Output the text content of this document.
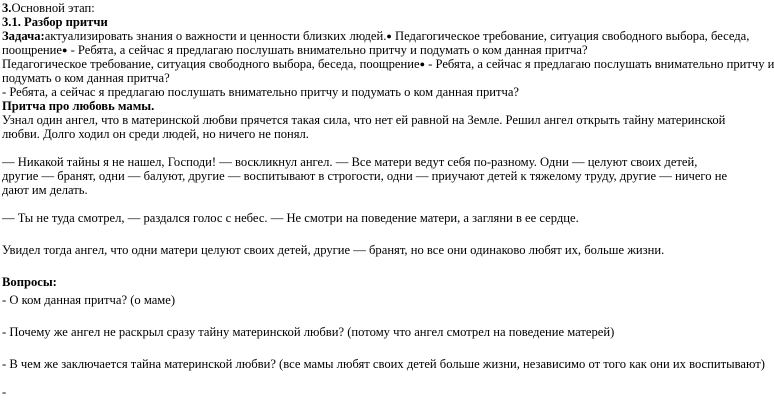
3.Основной этап:

3.1. Разбор притчи

Задача:актуализировать знания о важности и ценности близких людей.● Педагогическое требование, ситуация свободного выбора, беседа,

поощрение● - Ребята, а сейчас я предлагаю послушать внимательно притчу и подумать о ком данная притча?

Педагогическое требование, ситуация свободного выбора, беседа, поощрение● - Ребята, а сейчас я предлагаю послушать внимательно притчу и

подумать о ком данная притча?

- Ребята, а сейчас я предлагаю послушать внимательно притчу и подумать о ком данная притча?

Притча про любовь мамы.

Узнал один ангел, что в материнской любви прячется такая сила, что нет ей равной на Земле. Решил ангел открыть тайну материнской

любви. Долго ходил он среди людей, но ничего не понял.

— Никакой тайны я не нашел, Господи! — воскликнул ангел. — Все матери ведут себя по-разному. Одни — целуют своих детей,

другие — бранят, одни — балуют, другие — воспитывают в строгости, одни — приучают детей к тяжелому труду, другие — ничего не

дают им делать.

— Ты не туда смотрел, — раздался голос с небес. — Не смотри на поведение матери, а загляни в ее сердце.

Увидел тогда ангел, что одни матери целуют своих детей, другие — бранят, но все они одинаково любят их, больше жизни.

Вопросы:

- О ком данная притча? (о маме)

- Почему же ангел не раскрыл сразу тайну материнской любви? (потому что ангел смотрел на поведение матерей)

- В чем же заключается тайна материнской любви? (все мамы любят своих детей больше жизни, независимо от того как они их воспитывают)

-
